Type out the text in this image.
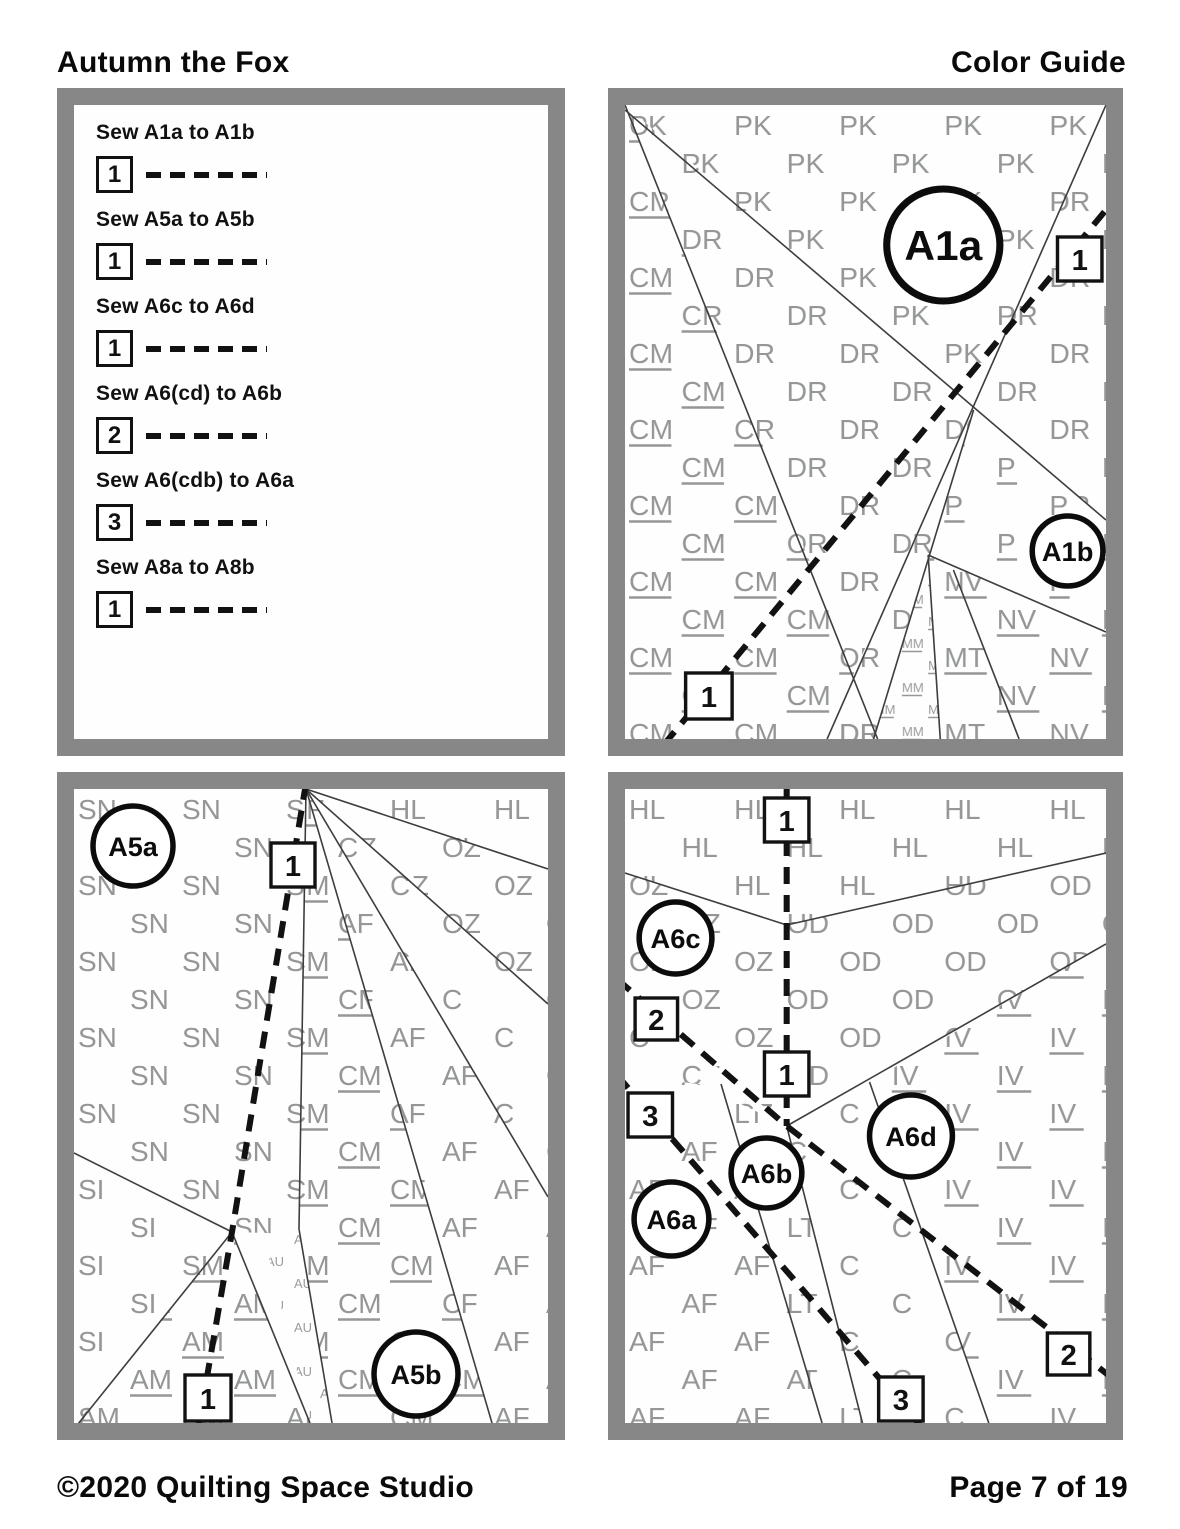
Autumn the Fox	Color Guide
Sew A1a to A1b
1
Sew A5a to A5b
1
Sew A6c to A6d
1
Sew A6(cd) to A6b
2
Sew A6(cdb) to A6a
3
Sew A8a to A8b
1
1
1
A1a
A1b
1
1
A5a
A5b
1
2
3
1
3
2
A6c
A6a
A6b
A6d
©2020 Quilting Space Studio	Page 7 of 19
